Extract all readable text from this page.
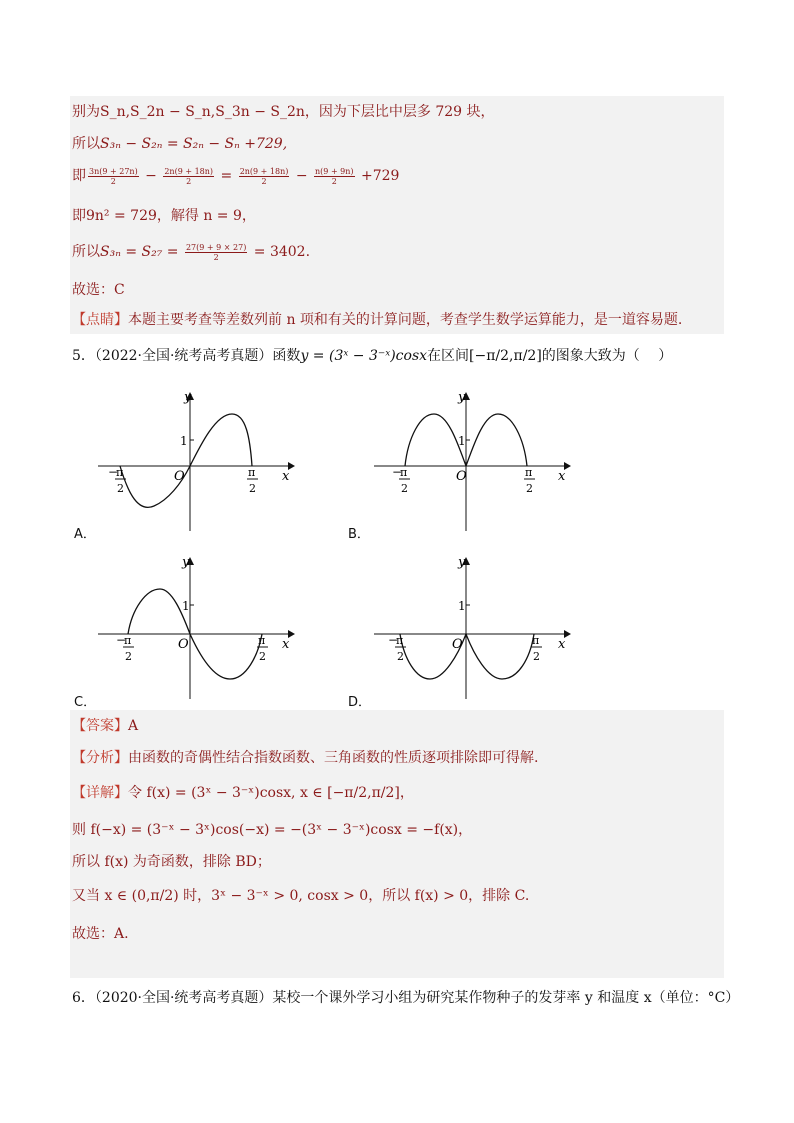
别为S_n,S_2n − S_n,S_3n − S_2n，因为下层比中层多 729 块，
所以S₃ₙ − S₂ₙ = S₂ₙ − Sₙ +729,
即 $\frac{3n(9 + 27n)}{2} - \frac{2n(9 + 18n)}{2} = \frac{2n(9 + 18n)}{2} - \frac{n(9 + 9n)}{2} +729$
即9n² = 729，解得 n = 9，
所以$S_{3n} = S_{27} = \frac{27(9 + 9 \times 27)}{2} = 3402$.
故选：C
【点睛】本题主要考查等差数列前 n 项和有关的计算问题，考查学生数学运算能力，是一道容易题.
5．（2022·全国·统考高考真题）函数y = (3ˣ − 3⁻ˣ)cosx在区间[−π/2,π/2]的图象大致为（　 ）
y
x
O
1
−
π
2
π
2
A．
y
x
O
1
−
π
2
π
2
B．
y
x
O
1
−
π
2
π
2
C．
y
x
O
1
−
π
2
π
2
D．
【答案】A
【分析】由函数的奇偶性结合指数函数、三角函数的性质逐项排除即可得解.
【详解】令 f(x) = (3ˣ − 3⁻ˣ)cosx, x ∈ [−π/2,π/2]，
则 f(−x) = (3⁻ˣ − 3ˣ)cos(−x) = −(3ˣ − 3⁻ˣ)cosx = −f(x)，
所以 f(x) 为奇函数，排除 BD；
又当 x ∈ (0,π/2) 时，3ˣ − 3⁻ˣ > 0, cosx > 0，所以 f(x) > 0，排除 C.
故选：A.
6．（2020·全国·统考高考真题）某校一个课外学习小组为研究某作物种子的发芽率 y 和温度 x（单位：°C）
